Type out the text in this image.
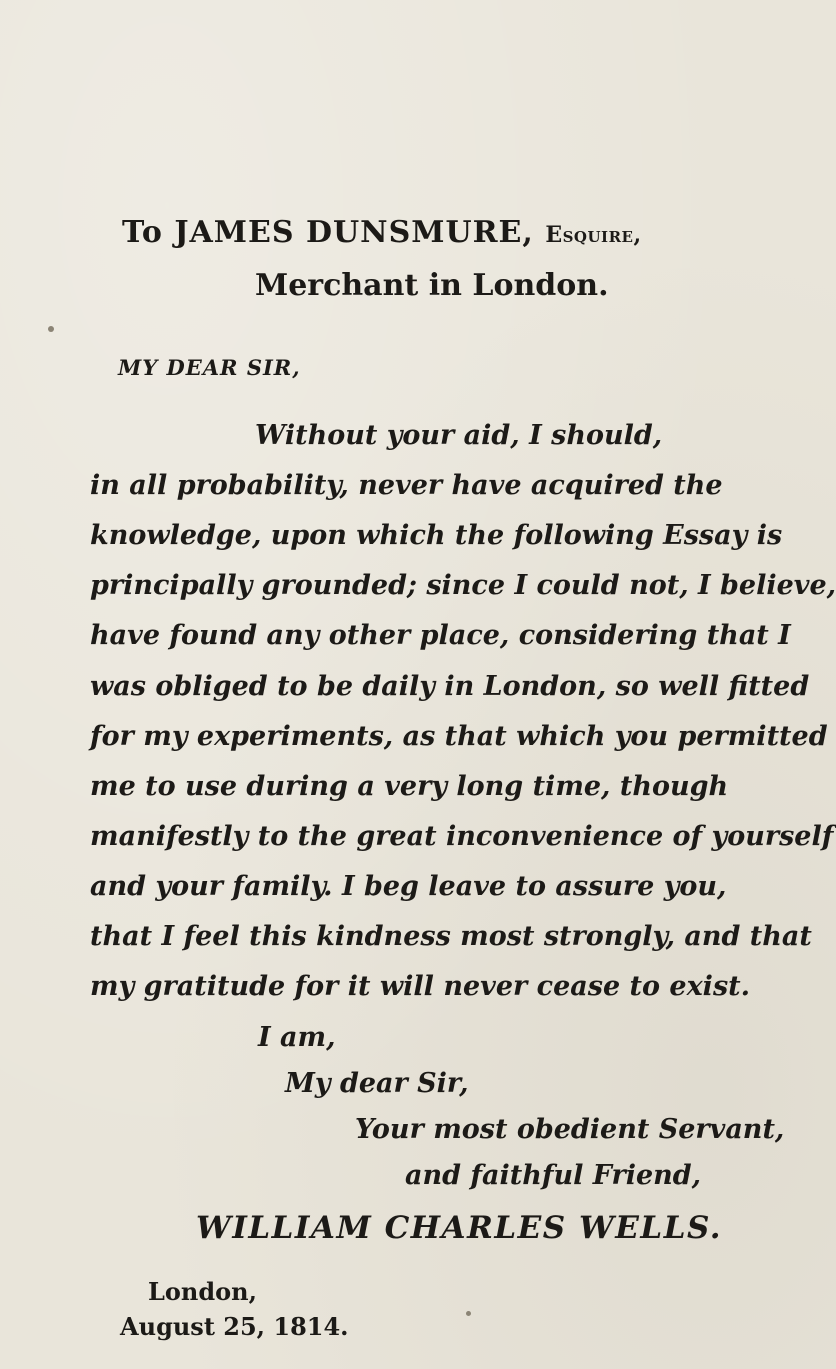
To JAMES DUNSMURE, Esquire,
Merchant in London.
MY DEAR SIR,
Without your aid, I should,
in all probability, never have acquired the
knowledge, upon which the following Essay is
principally grounded; since I could not, I believe,
have found any other place, considering that I
was obliged to be daily in London, so well fitted
for my experiments, as that which you permitted
me to use during a very long time, though
manifestly to the great inconvenience of yourself
and your family. I beg leave to assure you,
that I feel this kindness most strongly, and that
my gratitude for it will never cease to exist.
I am,
My dear Sir,
Your most obedient Servant,
and faithful Friend,
WILLIAM CHARLES WELLS.
London,
August 25, 1814.
